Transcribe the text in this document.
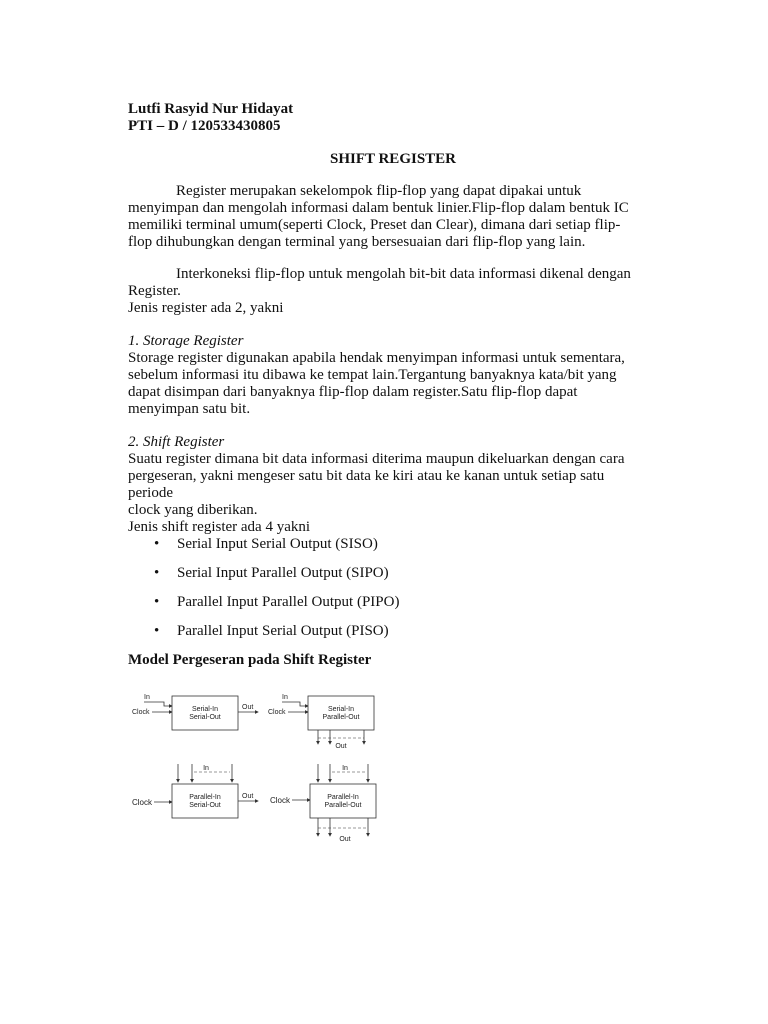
Lutfi Rasyid Nur Hidayat
PTI – D / 120533430805
SHIFT REGISTER
Register merupakan sekelompok flip-flop yang dapat dipakai untuk
menyimpan dan mengolah informasi dalam bentuk linier.Flip-flop dalam bentuk IC
memiliki terminal umum(seperti Clock, Preset dan Clear), dimana dari setiap flip-
flop dihubungkan dengan terminal yang bersesuaian dari flip-flop yang lain.
Interkoneksi flip-flop untuk mengolah bit-bit data informasi dikenal dengan
Register.
Jenis register ada 2, yakni
1. Storage Register
Storage register digunakan apabila hendak menyimpan informasi untuk sementara,
sebelum informasi itu dibawa ke tempat lain.Tergantung banyaknya kata/bit yang
dapat disimpan dari banyaknya flip-flop dalam register.Satu flip-flop dapat
menyimpan satu bit.
2. Shift Register
Suatu register dimana bit data informasi diterima maupun dikeluarkan dengan cara
pergeseran, yakni mengeser satu bit data ke kiri atau ke kanan untuk setiap satu
periode
clock yang diberikan.
Jenis shift register ada 4 yakni
• Serial Input Serial Output (SISO)
• Serial Input Parallel Output (SIPO)
• Parallel Input Parallel Output (PIPO)
• Parallel Input Serial Output (PISO)
Model Pergeseran pada Shift Register
In
Clock	Serial-In
Serial-Out
Out
In
Clock	Serial-In
Parallel-Out
Out
In
Clock
Parallel-In
Serial-Out
Out
In
Clock	Parallel-In
Parallel-Out
Out
